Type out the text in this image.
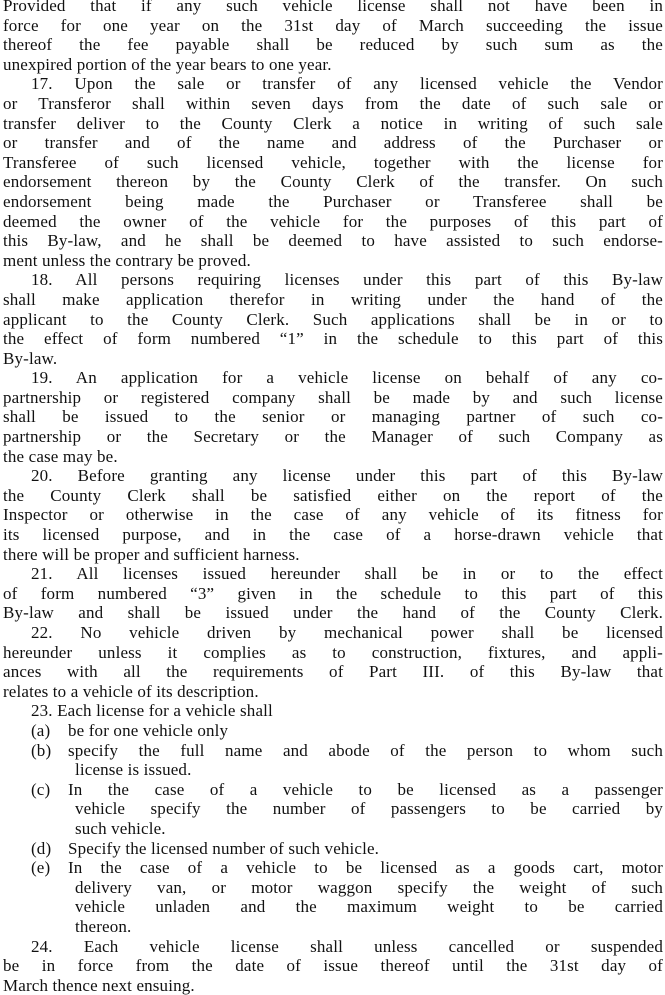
Provided that if any such vehicle license shall not have been in
force for one year on the 31st day of March succeeding the issue
thereof the fee payable shall be reduced by such sum as the
unexpired portion of the year bears to one year.
17. Upon the sale or transfer of any licensed vehicle the Vendor
or Transferor shall within seven days from the date of such sale or
transfer deliver to the County Clerk a notice in writing of such sale
or transfer and of the name and address of the Purchaser or
Transferee of such licensed vehicle, together with the license for
endorsement thereon by the County Clerk of the transfer. On such
endorsement being made the Purchaser or Transferee shall be
deemed the owner of the vehicle for the purposes of this part of
this By-law, and he shall be deemed to have assisted to such endorse-
ment unless the contrary be proved.
18. All persons requiring licenses under this part of this By-law
shall make application therefor in writing under the hand of the
applicant to the County Clerk. Such applications shall be in or to
the effect of form numbered “1” in the schedule to this part of this
By-law.
19. An application for a vehicle license on behalf of any co-
partnership or registered company shall be made by and such license
shall be issued to the senior or managing partner of such co-
partnership or the Secretary or the Manager of such Company as
the case may be.
20. Before granting any license under this part of this By-law
the County Clerk shall be satisfied either on the report of the
Inspector or otherwise in the case of any vehicle of its fitness for
its licensed purpose, and in the case of a horse-drawn vehicle that
there will be proper and sufficient harness.
21. All licenses issued hereunder shall be in or to the effect
of form numbered “3” given in the schedule to this part of this
By-law and shall be issued under the hand of the County Clerk.
22. No vehicle driven by mechanical power shall be licensed
hereunder unless it complies as to construction, fixtures, and appli-
ances with all the requirements of Part III. of this By-law that
relates to a vehicle of its description.
23. Each license for a vehicle shall
(a) be for one vehicle only
(b) specify the full name and abode of the person to whom such
license is issued.
(c) In the case of a vehicle to be licensed as a passenger
vehicle specify the number of passengers to be carried by
such vehicle.
(d) Specify the licensed number of such vehicle.
(e) In the case of a vehicle to be licensed as a goods cart, motor
delivery van, or motor waggon specify the weight of such
vehicle unladen and the maximum weight to be carried
thereon.
24. Each vehicle license shall unless cancelled or suspended
be in force from the date of issue thereof until the 31st day of
March thence next ensuing.
